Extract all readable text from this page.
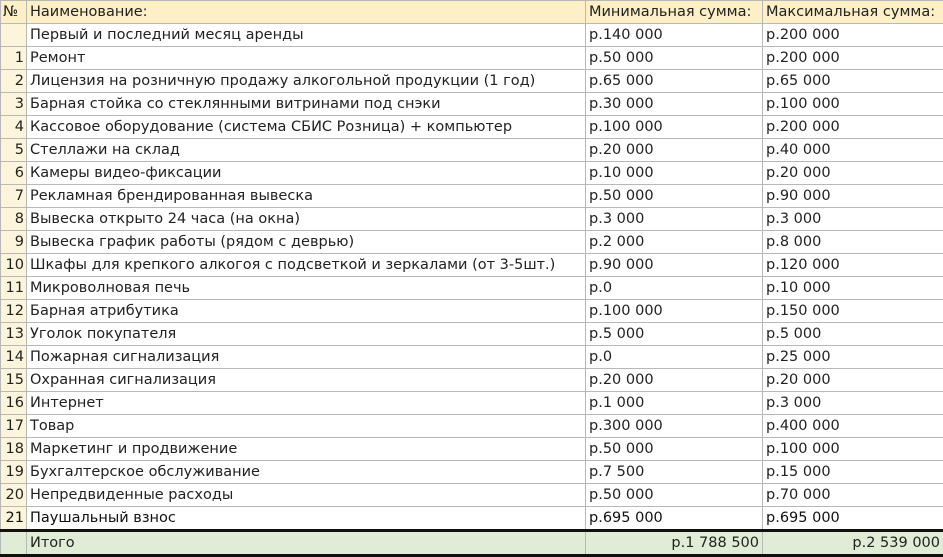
№	Наименование:	Минимальная сумма:	Максимальная сумма:
	Первый и последний месяц аренды	р.140 000	р.200 000
1	Ремонт	р.50 000	р.200 000
2	Лицензия на розничную продажу алкогольной продукции (1 год)	р.65 000	р.65 000
3	Барная стойка со стеклянными витринами под снэки	р.30 000	р.100 000
4	Кассовое оборудование (система СБИС Розница) + компьютер	р.100 000	р.200 000
5	Стеллажи на склад	р.20 000	р.40 000
6	Камеры видео-фиксации	р.10 000	р.20 000
7	Рекламная брендированная вывеска	р.50 000	р.90 000
8	Вывеска открыто 24 часа (на окна)	р.3 000	р.3 000
9	Вывеска график работы (рядом с деврью)	р.2 000	р.8 000
10	Шкафы для крепкого алкогоя с подсветкой и зеркалами (от 3-5шт.)	р.90 000	р.120 000
11	Микроволновая печь	р.0	р.10 000
12	Барная атрибутика	р.100 000	р.150 000
13	Уголок покупателя	р.5 000	р.5 000
14	Пожарная сигнализация	р.0	р.25 000
15	Охранная сигнализация	р.20 000	р.20 000
16	Интернет	р.1 000	р.3 000
17	Товар	р.300 000	р.400 000
18	Маркетинг и продвижение	р.50 000	р.100 000
19	Бухгалтерское обслуживание	р.7 500	р.15 000
20	Непредвиденные расходы	р.50 000	р.70 000
21	Паушальный взнос	р.695 000	р.695 000
	Итого	р.1 788 500	р.2 539 000
